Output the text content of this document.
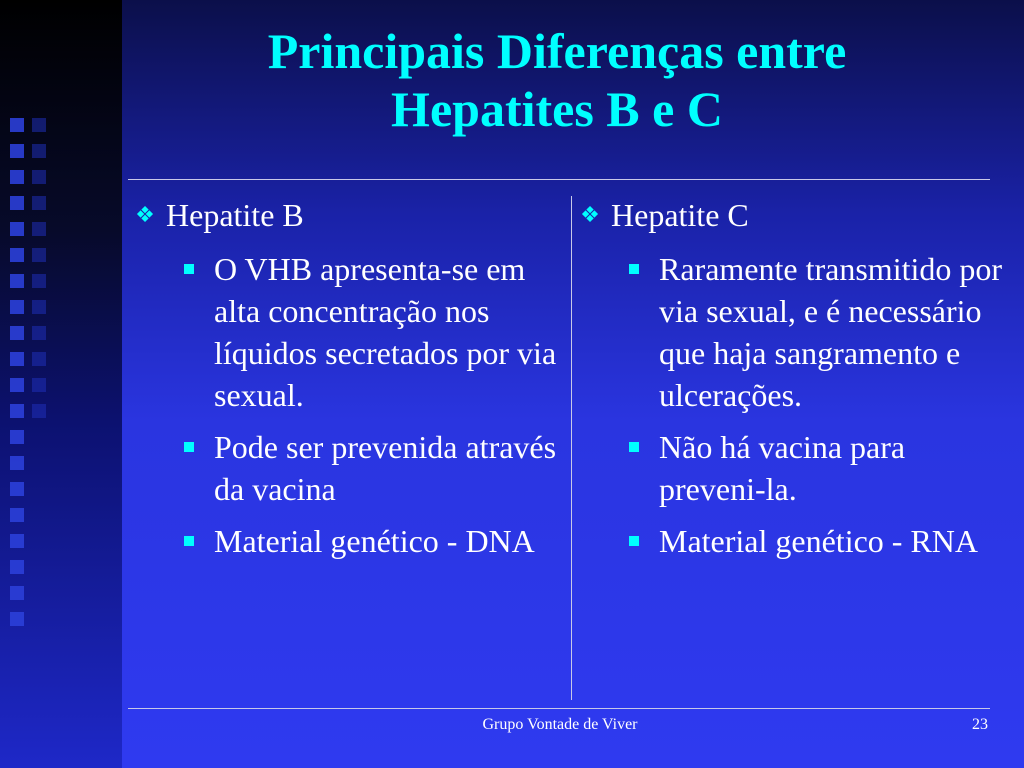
Principais Diferenças entre
Hepatites B e C
❖ Hepatite B
O VHB apresenta-se em alta concentração nos líquidos secretados por via sexual.
Pode ser prevenida através da vacina
Material genético - DNA
❖ Hepatite C
Raramente transmitido por via sexual, e é necessário que haja sangramento e ulcerações.
Não há vacina para preveni-la.
Material genético - RNA
Grupo Vontade de Viver	23
